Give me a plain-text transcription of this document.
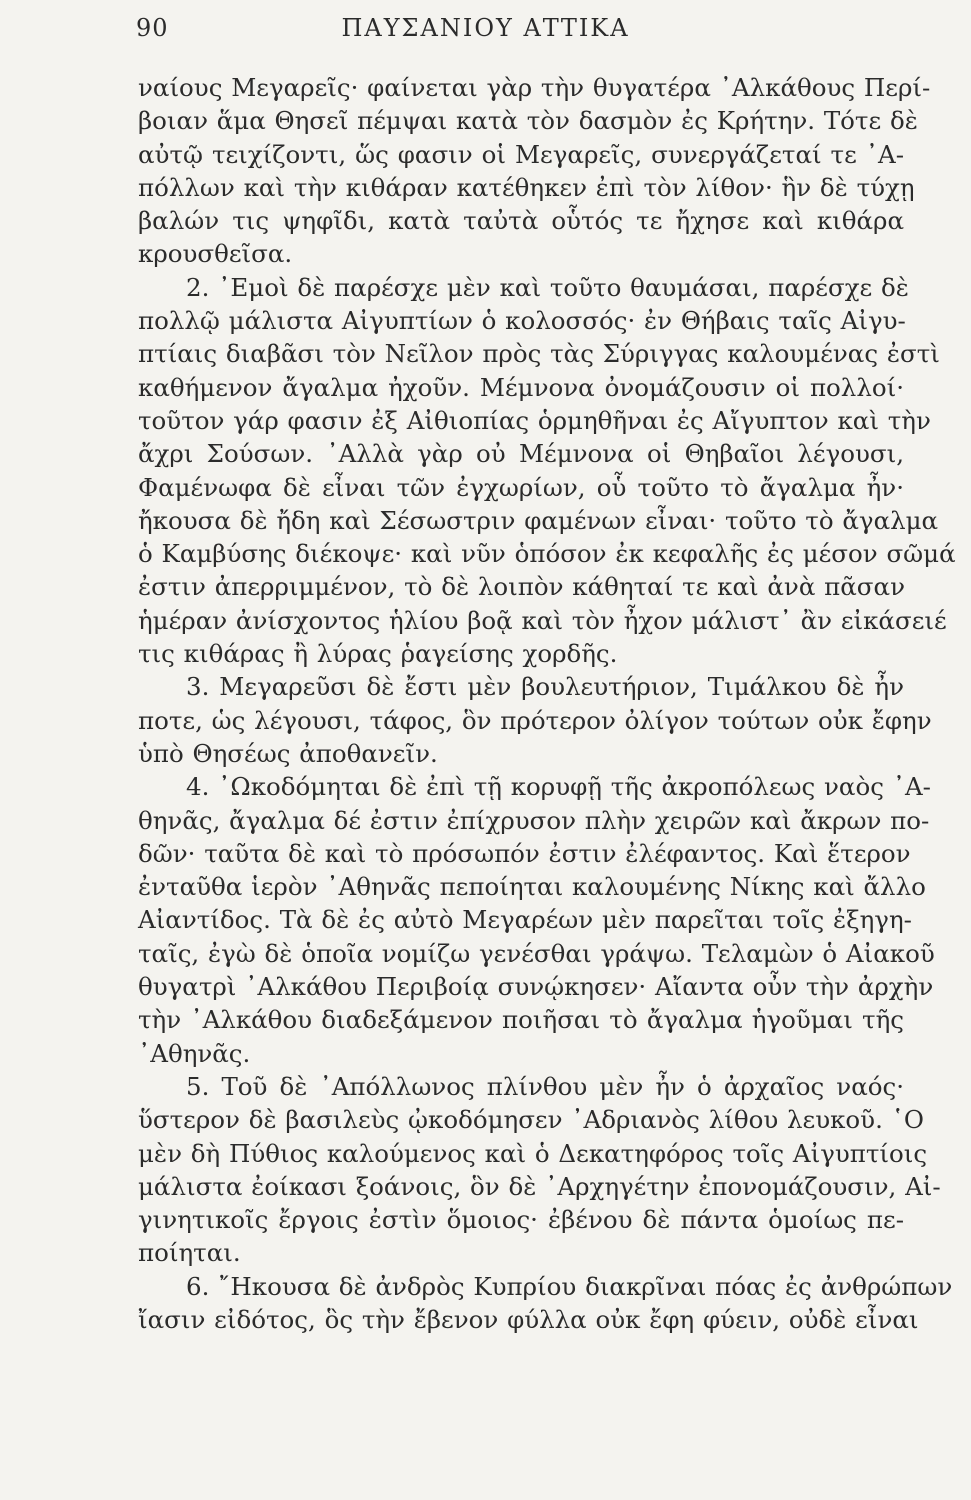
90	ΠΑΥΣΑΝΙΟΥ ΑΤΤΙΚΑ
ναίους Μεγαρεῖς· φαίνεται γὰρ τὴν θυγατέρα ᾿Αλκάθους Περί-
βοιαν ἅμα Θησεῖ πέμψαι κατὰ τὸν δασμὸν ἐς Κρήτην. Τότε δὲ
αὐτῷ τειχίζοντι, ὥς φασιν οἱ Μεγαρεῖς, συνεργάζεταί τε ᾿Α-
πόλλων καὶ τὴν κιθάραν κατέθηκεν ἐπὶ τὸν λίθον· ἣν δὲ τύχῃ
βαλών τις ψηφῖδι, κατὰ ταὐτὰ οὗτός τε ἤχησε καὶ κιθάρα
κρουσθεῖσα.
2. ᾿Εμοὶ δὲ παρέσχε μὲν καὶ τοῦτο θαυμάσαι, παρέσχε δὲ
πολλῷ μάλιστα Αἰγυπτίων ὁ κολοσσός· ἐν Θήβαις ταῖς Αἰγυ-
πτίαις διαβᾶσι τὸν Νεῖλον πρὸς τὰς Σύριγγας καλουμένας ἐστὶ
καθήμενον ἄγαλμα ἠχοῦν. Μέμνονα ὀνομάζουσιν οἱ πολλοί·
τοῦτον γάρ φασιν ἐξ Αἰθιοπίας ὁρμηθῆναι ἐς Αἴγυπτον καὶ τὴν
ἄχρι Σούσων. ᾿Αλλὰ γὰρ οὐ Μέμνονα οἱ Θηβαῖοι λέγουσι,
Φαμένωφα δὲ εἶναι τῶν ἐγχωρίων, οὗ τοῦτο τὸ ἄγαλμα ἦν·
ἤκουσα δὲ ἤδη καὶ Σέσωστριν φαμένων εἶναι· τοῦτο τὸ ἄγαλμα
ὁ Καμβύσης διέκοψε· καὶ νῦν ὁπόσον ἐκ κεφαλῆς ἐς μέσον σῶμά
ἐστιν ἀπερριμμένον, τὸ δὲ λοιπὸν κάθηταί τε καὶ ἀνὰ πᾶσαν
ἡμέραν ἀνίσχοντος ἡλίου βοᾷ καὶ τὸν ἦχον μάλιστ᾽ ἂν εἰκάσειέ
τις κιθάρας ἢ λύρας ῥαγείσης χορδῆς.
3. Μεγαρεῦσι δὲ ἔστι μὲν βουλευτήριον, Τιμάλκου δὲ ἦν
ποτε, ὡς λέγουσι, τάφος, ὃν πρότερον ὀλίγον τούτων οὐκ ἔφην
ὑπὸ Θησέως ἀποθανεῖν.
4. ᾿Ωκοδόμηται δὲ ἐπὶ τῇ κορυφῇ τῆς ἀκροπόλεως ναὸς ᾿Α-
θηνᾶς, ἄγαλμα δέ ἐστιν ἐπίχρυσον πλὴν χειρῶν καὶ ἄκρων πο-
δῶν· ταῦτα δὲ καὶ τὸ πρόσωπόν ἐστιν ἐλέφαντος. Καὶ ἕτερον
ἐνταῦθα ἱερὸν ᾿Αθηνᾶς πεποίηται καλουμένης Νίκης καὶ ἄλλο
Αἰαντίδος. Τὰ δὲ ἐς αὐτὸ Μεγαρέων μὲν παρεῖται τοῖς ἐξηγη-
ταῖς, ἐγὼ δὲ ὁποῖα νομίζω γενέσθαι γράψω. Τελαμὼν ὁ Αἰακοῦ
θυγατρὶ ᾿Αλκάθου Περιβοίᾳ συνῴκησεν· Αἴαντα οὖν τὴν ἀρχὴν
τὴν ᾿Αλκάθου διαδεξάμενον ποιῆσαι τὸ ἄγαλμα ἡγοῦμαι τῆς
᾿Αθηνᾶς.
5. Τοῦ δὲ ᾿Απόλλωνος πλίνθου μὲν ἦν ὁ ἀρχαῖος ναός·
ὕστερον δὲ βασιλεὺς ᾠκοδόμησεν ᾿Αδριανὸς λίθου λευκοῦ. ῾Ο
μὲν δὴ Πύθιος καλούμενος καὶ ὁ Δεκατηφόρος τοῖς Αἰγυπτίοις
μάλιστα ἐοίκασι ξοάνοις, ὃν δὲ ᾿Αρχηγέτην ἐπονομάζουσιν, Αἰ-
γινητικοῖς ἔργοις ἐστὶν ὅμοιος· ἐβένου δὲ πάντα ὁμοίως πε-
ποίηται.
6. ῎Ηκουσα δὲ ἀνδρὸς Κυπρίου διακρῖναι πόας ἐς ἀνθρώπων
ἴασιν εἰδότος, ὃς τὴν ἔβενον φύλλα οὐκ ἔφη φύειν, οὐδὲ εἶναι
